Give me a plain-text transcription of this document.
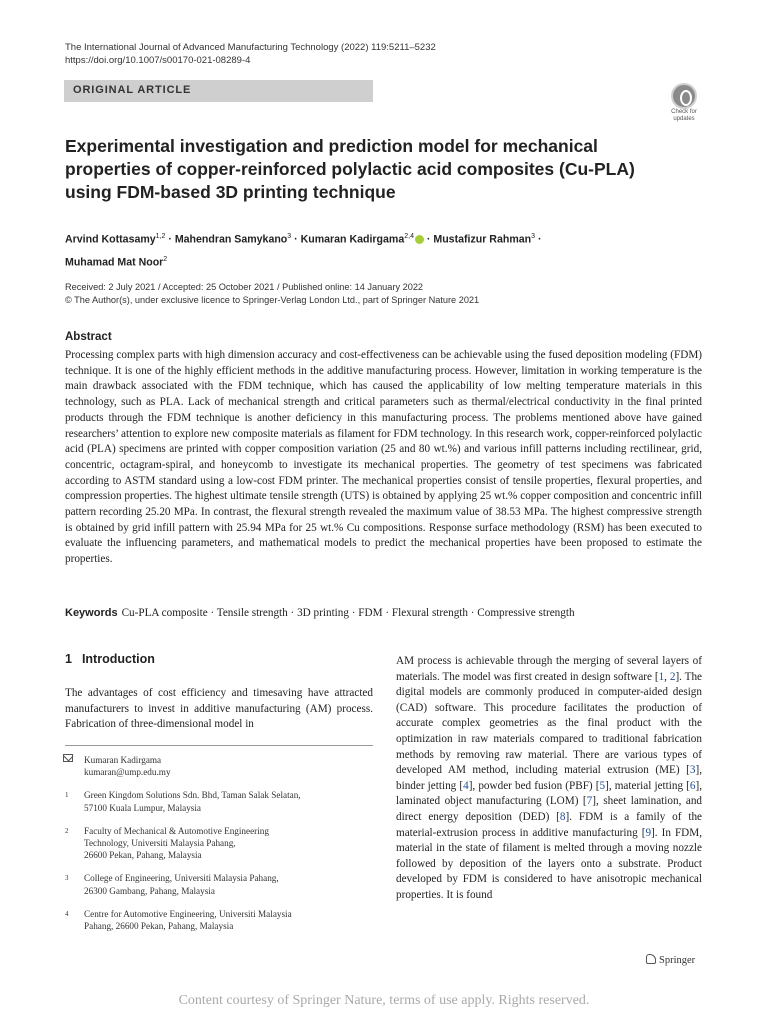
The International Journal of Advanced Manufacturing Technology (2022) 119:5211–5232
https://doi.org/10.1007/s00170-021-08289-4
ORIGINAL ARTICLE
Check for
updates
Experimental investigation and prediction model for mechanical properties of copper-reinforced polylactic acid composites (Cu-PLA) using FDM-based 3D printing technique
Arvind Kottasamy$^{1,2}$ · Mahendran Samykano$^3$ · Kumaran Kadirgama$^{2,4}$ · Mustafizur Rahman$^3$ ·
Muhamad Mat Noor$^2$
Received: 2 July 2021 / Accepted: 25 October 2021 / Published online: 14 January 2022
© The Author(s), under exclusive licence to Springer-Verlag London Ltd., part of Springer Nature 2021
Abstract

Processing complex parts with high dimension accuracy and cost-effectiveness can be achievable using the fused deposition modeling (FDM) technique. It is one of the highly efficient methods in the additive manufacturing process. However, limitation in working temperature is the main drawback associated with the FDM technique, which has caused the applicability of low melting temperature materials in this technology, such as PLA. Lack of mechanical strength and critical parameters such as thermal/electrical conductivity in the final printed products through the FDM technique is another deficiency in this manufacturing process. The problems mentioned above have gained researchers’ attention to explore new composite materials as filament for FDM technology. In this research work, copper-reinforced polylactic acid (PLA) specimens are printed with copper composition variation (25 and 80 wt.%) and various infill patterns including rectilinear, grid, concentric, octagram-spiral, and honeycomb to investigate its mechanical properties. The geometry of test specimens was fabricated according to ASTM standard using a low-cost FDM printer. The mechanical properties consist of tensile properties, flexural properties, and compression properties. The highest ultimate tensile strength (UTS) is obtained by applying 25 wt.% copper composition and concentric infill pattern recording 25.20 MPa. In contrast, the flexural strength revealed the maximum value of 38.53 MPa. The highest compressive strength is obtained by grid infill pattern with 25.94 MPa for 25 wt.% Cu compositions. Response surface methodology (RSM) has been executed to evaluate the influencing parameters, and mathematical models to predict the mechanical properties have been proposed to estimate the properties.

Keywords Cu-PLA composite · Tensile strength · 3D printing · FDM · Flexural strength · Compressive strength

1 Introduction

The advantages of cost efficiency and timesaving have attracted manufacturers to invest in additive manufacturing (AM) process. Fabrication of three-dimensional model in

AM process is achievable through the merging of several layers of materials. The model was first created in design software [1, 2]. The digital models are commonly produced in computer-aided design (CAD) software. This procedure facilitates the production of accurate complex geometries as the final product with the optimization in raw materials compared to traditional fabrication methods by removing raw material. There are various types of developed AM method, including material extrusion (ME) [3], binder jetting [4], powder bed fusion (PBF) [5], material jetting [6], laminated object manufacturing (LOM) [7], sheet lamination, and direct energy deposition (DED) [8]. FDM is a family of the material-extrusion process in additive manufacturing [9]. In FDM, material in the state of filament is melted through a moving nozzle followed by deposition of the layers onto a substrate. Product developed by FDM is considered to have anisotropic mechanical properties. It is found

Kumaran Kadirgama
kumaran@ump.edu.my
1 Green Kingdom Solutions Sdn. Bhd, Taman Salak Selatan,
57100 Kuala Lumpur, Malaysia
2 Faculty of Mechanical & Automotive Engineering
Technology, Universiti Malaysia Pahang,
26600 Pekan, Pahang, Malaysia
3 College of Engineering, Universiti Malaysia Pahang,
26300 Gambang, Pahang, Malaysia
4 Centre for Automotive Engineering, Universiti Malaysia
Pahang, 26600 Pekan, Pahang, Malaysia
Springer
Content courtesy of Springer Nature, terms of use apply. Rights reserved.
